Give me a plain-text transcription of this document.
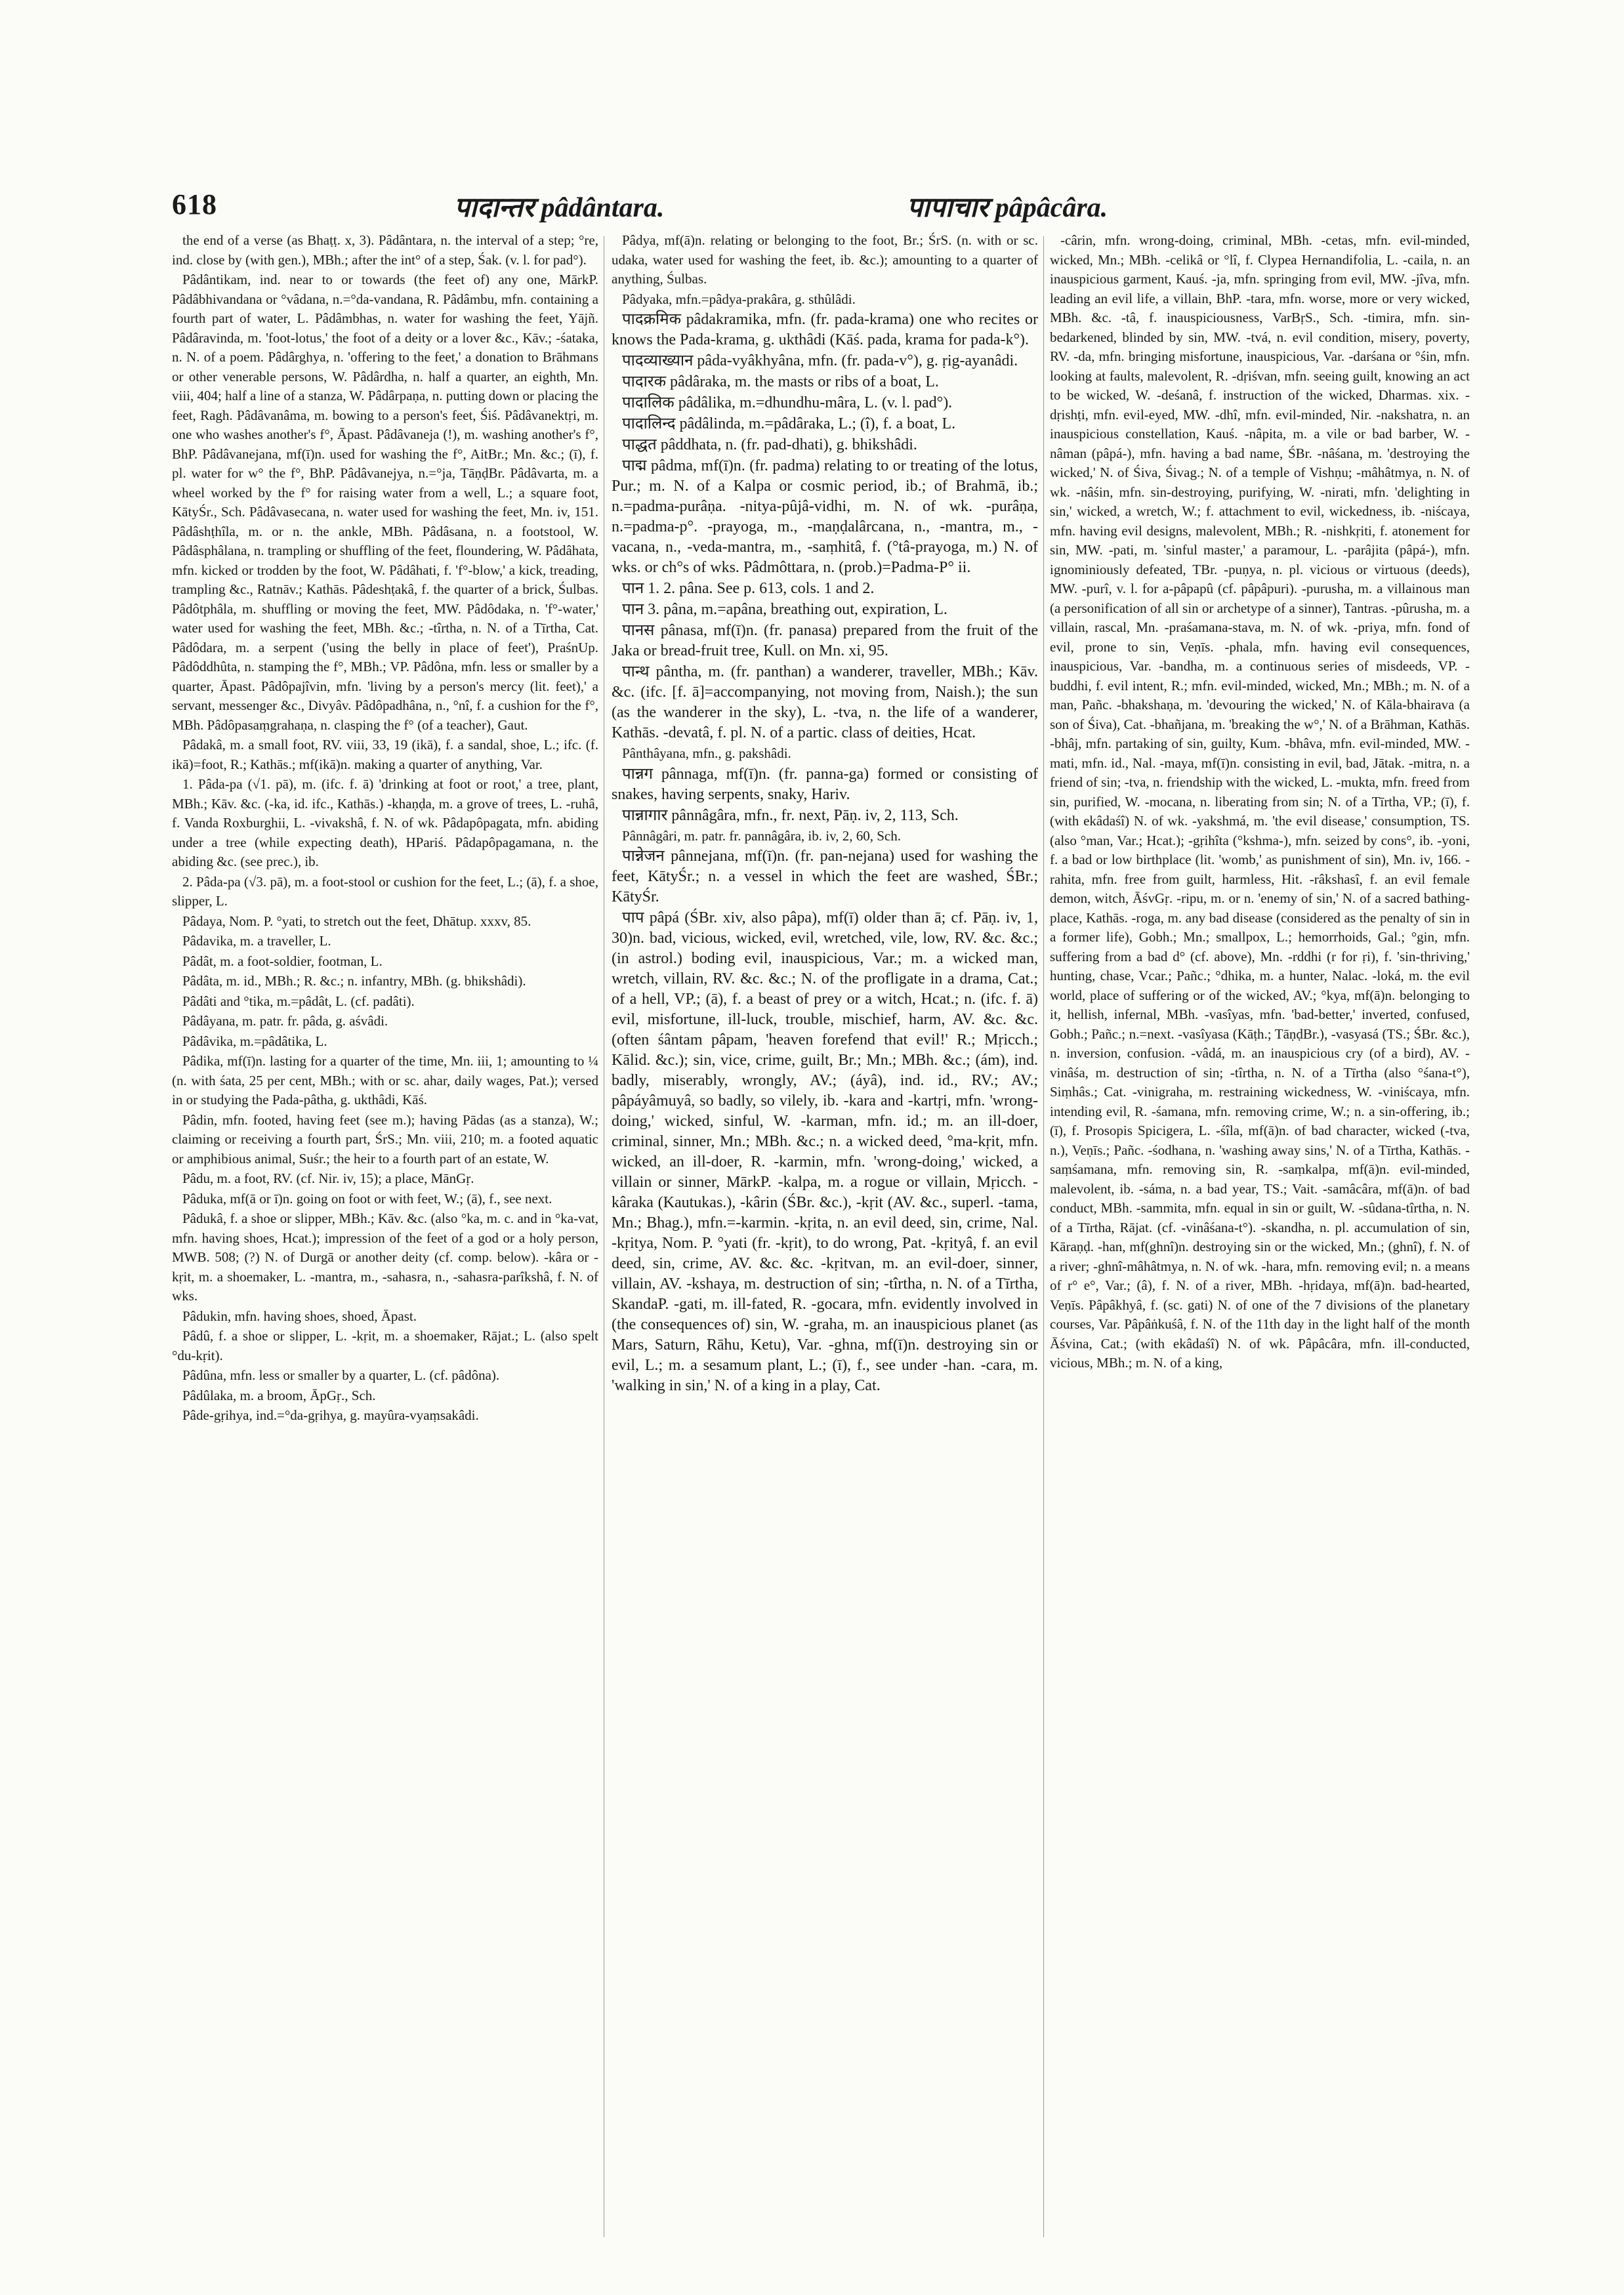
618	पादान्तर pâdântara.	पापाचार pâpâcâra.

the end of a verse (as Bhaṭṭ. x, 3). Pâdântara, n. the interval of a step; °re, ind. close by (with gen.), MBh.; after the int° of a step, Śak. (v. l. for pad°).

Pâdântikam, ind. near to or towards (the feet of) any one, MārkP. Pâdâbhivandana or °vâdana, n.=°da-vandana, R. Pâdâmbu, mfn. containing a fourth part of water, L. Pâdâmbhas, n. water for washing the feet, Yājñ. Pâdâravinda, m. 'foot-lotus,' the foot of a deity or a lover &c., Kāv.; -śataka, n. N. of a poem. Pâdârghya, n. 'offering to the feet,' a donation to Brāhmans or other venerable persons, W. Pâdârdha, n. half a quarter, an eighth, Mn. viii, 404; half a line of a stanza, W. Pâdârpaṇa, n. putting down or placing the feet, Ragh. Pâdâvanâma, m. bowing to a person's feet, Śiś. Pâdâvanektṛi, m. one who washes another's f°, Āpast. Pâdâvaneja (!), m. washing another's f°, BhP. Pâdâvanejana, mf(ī)n. used for washing the f°, AitBr.; Mn. &c.; (ī), f. pl. water for w° the f°, BhP. Pâdâvanejya, n.=°ja, TāṇḍBr. Pâdâvarta, m. a wheel worked by the f° for raising water from a well, L.; a square foot, KātyŚr., Sch. Pâdâvasecana, n. water used for washing the feet, Mn. iv, 151. Pâdâshṭhîla, m. or n. the ankle, MBh. Pâdâsana, n. a footstool, W. Pâdâsphâlana, n. trampling or shuffling of the feet, floundering, W. Pâdâhata, mfn. kicked or trodden by the foot, W. Pâdâhati, f. 'f°-blow,' a kick, treading, trampling &c., Ratnāv.; Kathās. Pâdeshṭakâ, f. the quarter of a brick, Śulbas. Pâdôtphâla, m. shuffling or moving the feet, MW. Pâdôdaka, n. 'f°-water,' water used for washing the feet, MBh. &c.; -tîrtha, n. N. of a Tīrtha, Cat. Pâdôdara, m. a serpent ('using the belly in place of feet'), PraśnUp. Pâdôddhûta, n. stamping the f°, MBh.; VP. Pâdôna, mfn. less or smaller by a quarter, Āpast. Pâdôpajîvin, mfn. 'living by a person's mercy (lit. feet),' a servant, messenger &c., Divyâv. Pâdôpadhâna, n., °nî, f. a cushion for the f°, MBh. Pâdôpasaṃgrahaṇa, n. clasping the f° (of a teacher), Gaut.

Pâdakâ, m. a small foot, RV. viii, 33, 19 (ikā), f. a sandal, shoe, L.; ifc. (f. ikā)=foot, R.; Kathās.; mf(ikā)n. making a quarter of anything, Var.

1. Pâda-pa (√1. pā), m. (ifc. f. ā) 'drinking at foot or root,' a tree, plant, MBh.; Kāv. &c. (-ka, id. ifc., Kathās.) -khaṇḍa, m. a grove of trees, L. -ruhâ, f. Vanda Roxburghii, L. -vivakshâ, f. N. of wk. Pâdapôpagata, mfn. abiding under a tree (while expecting death), HPariś. Pâdapôpagamana, n. the abiding &c. (see prec.), ib.

2. Pâda-pa (√3. pā), m. a foot-stool or cushion for the feet, L.; (ā), f. a shoe, slipper, L.

Pâdaya, Nom. P. °yati, to stretch out the feet, Dhātup. xxxv, 85.

Pâdavika, m. a traveller, L.

Pâdât, m. a foot-soldier, footman, L.

Pâdâta, m. id., MBh.; R. &c.; n. infantry, MBh. (g. bhikshâdi).

Pâdâti and °tika, m.=pâdât, L. (cf. padâti).

Pâdâyana, m. patr. fr. pâda, g. aśvâdi.

Pâdâvika, m.=pâdâtika, L.

Pâdika, mf(ī)n. lasting for a quarter of the time, Mn. iii, 1; amounting to ¼ (n. with śata, 25 per cent, MBh.; with or sc. ahar, daily wages, Pat.); versed in or studying the Pada-pâtha, g. ukthâdi, Kāś.

Pâdin, mfn. footed, having feet (see m.); having Pādas (as a stanza), W.; claiming or receiving a fourth part, ŚrS.; Mn. viii, 210; m. a footed aquatic or amphibious animal, Suśr.; the heir to a fourth part of an estate, W.

Pâdu, m. a foot, RV. (cf. Nir. iv, 15); a place, MānGṛ.

Pâduka, mf(ā or ī)n. going on foot or with feet, W.; (ā), f., see next.

Pâdukâ, f. a shoe or slipper, MBh.; Kāv. &c. (also °ka, m. c. and in °ka-vat, mfn. having shoes, Hcat.); impression of the feet of a god or a holy person, MWB. 508; (?) N. of Durgā or another deity (cf. comp. below). -kâra or -kṛit, m. a shoemaker, L. -mantra, m., -sahasra, n., -sahasra-parîkshâ, f. N. of wks.

Pâdukin, mfn. having shoes, shoed, Āpast.

Pâdû, f. a shoe or slipper, L. -kṛit, m. a shoemaker, Rājat.; L. (also spelt °du-kṛit).

Pâdûna, mfn. less or smaller by a quarter, L. (cf. pâdôna).

Pâdûlaka, m. a broom, ĀpGṛ., Sch.

Pâde-gṛihya, ind.=°da-gṛihya, g. mayûra-vyaṃsakâdi.

Pâdya, mf(ā)n. relating or belonging to the foot, Br.; ŚrS. (n. with or sc. udaka, water used for washing the feet, ib. &c.); amounting to a quarter of anything, Śulbas.

Pâdyaka, mfn.=pâdya-prakâra, g. sthûlâdi.

पादक्रमिक pâdakramika, mfn. (fr. pada-krama) one who recites or knows the Pada-krama, g. ukthâdi (Kāś. pada, krama for pada-k°).

पादव्याख्यान pâda-vyâkhyâna, mfn. (fr. pada-v°), g. ṛig-ayanâdi.

पादारक pâdâraka, m. the masts or ribs of a boat, L.

पादालिक pâdâlika, m.=dhundhu-mâra, L. (v. l. pad°).

पादालिन्द pâdâlinda, m.=pâdâraka, L.; (î), f. a boat, L.

पाद्धत pâddhata, n. (fr. pad-dhati), g. bhikshâdi.

पाद्म pâdma, mf(ī)n. (fr. padma) relating to or treating of the lotus, Pur.; m. N. of a Kalpa or cosmic period, ib.; of Brahmā, ib.; n.=padma-purâṇa. -nitya-pûjâ-vidhi, m. N. of wk. -purâṇa, n.=padma-p°. -prayoga, m., -maṇḍalârcana, n., -mantra, m., -vacana, n., -veda-mantra, m., -saṃhitâ, f. (°tâ-prayoga, m.) N. of wks. or ch°s of wks. Pâdmôttara, n. (prob.)=Padma-P° ii.

पान 1. 2. pâna. See p. 613, cols. 1 and 2.

पान 3. pâna, m.=apâna, breathing out, expiration, L.

पानस pânasa, mf(ī)n. (fr. panasa) prepared from the fruit of the Jaka or bread-fruit tree, Kull. on Mn. xi, 95.

पान्थ pântha, m. (fr. panthan) a wanderer, traveller, MBh.; Kāv. &c. (ifc. [f. ā]=accompanying, not moving from, Naish.); the sun (as the wanderer in the sky), L. -tva, n. the life of a wanderer, Kathās. -devatâ, f. pl. N. of a partic. class of deities, Hcat.

Pânthâyana, mfn., g. pakshâdi.

पान्नग pânnaga, mf(ī)n. (fr. panna-ga) formed or consisting of snakes, having serpents, snaky, Hariv.

पान्नागार pânnâgâra, mfn., fr. next, Pāṇ. iv, 2, 113, Sch.

Pânnâgâri, m. patr. fr. pannâgâra, ib. iv, 2, 60, Sch.

पान्नेजन pânnejana, mf(ī)n. (fr. pan-nejana) used for washing the feet, KātyŚr.; n. a vessel in which the feet are washed, ŚBr.; KātyŚr.

पाप pâpá (ŚBr. xiv, also pâpa), mf(ī) older than ā; cf. Pāṇ. iv, 1, 30)n. bad, vicious, wicked, evil, wretched, vile, low, RV. &c. &c.; (in astrol.) boding evil, inauspicious, Var.; m. a wicked man, wretch, villain, RV. &c. &c.; N. of the profligate in a drama, Cat.; of a hell, VP.; (ā), f. a beast of prey or a witch, Hcat.; n. (ifc. f. ā) evil, misfortune, ill-luck, trouble, mischief, harm, AV. &c. &c. (often śântam pâpam, 'heaven forefend that evil!' R.; Mṛicch.; Kālid. &c.); sin, vice, crime, guilt, Br.; Mn.; MBh. &c.; (ám), ind. badly, miserably, wrongly, AV.; (áyâ), ind. id., RV.; AV.; pâpáyâmuyâ, so badly, so vilely, ib. -kara and -kartṛi, mfn. 'wrong-doing,' wicked, sinful, W. -karman, mfn. id.; m. an ill-doer, criminal, sinner, Mn.; MBh. &c.; n. a wicked deed, °ma-kṛit, mfn. wicked, an ill-doer, R. -karmin, mfn. 'wrong-doing,' wicked, a villain or sinner, MārkP. -kalpa, m. a rogue or villain, Mṛicch. -kâraka (Kautukas.), -kârin (ŚBr. &c.), -kṛit (AV. &c., superl. -tama, Mn.; Bhag.), mfn.=-karmin. -kṛita, n. an evil deed, sin, crime, Nal. -kṛitya, Nom. P. °yati (fr. -kṛit), to do wrong, Pat. -kṛityâ, f. an evil deed, sin, crime, AV. &c. &c. -kṛitvan, m. an evil-doer, sinner, villain, AV. -kshaya, m. destruction of sin; -tîrtha, n. N. of a Tīrtha, SkandaP. -gati, m. ill-fated, R. -gocara, mfn. evidently involved in (the consequences of) sin, W. -graha, m. an inauspicious planet (as Mars, Saturn, Rāhu, Ketu), Var. -ghna, mf(ī)n. destroying sin or evil, L.; m. a sesamum plant, L.; (ī), f., see under -han. -cara, m. 'walking in sin,' N. of a king in a play, Cat.

-cârin, mfn. wrong-doing, criminal, MBh. -cetas, mfn. evil-minded, wicked, Mn.; MBh. -celikâ or °lî, f. Clypea Hernandifolia, L. -caila, n. an inauspicious garment, Kauś. -ja, mfn. springing from evil, MW. -jîva, mfn. leading an evil life, a villain, BhP. -tara, mfn. worse, more or very wicked, MBh. &c. -tâ, f. inauspiciousness, VarBṛS., Sch. -timira, mfn. sin-bedarkened, blinded by sin, MW. -tvá, n. evil condition, misery, poverty, RV. -da, mfn. bringing misfortune, inauspicious, Var. -darśana or °śin, mfn. looking at faults, malevolent, R. -dṛiśvan, mfn. seeing guilt, knowing an act to be wicked, W. -deśanâ, f. instruction of the wicked, Dharmas. xix. -dṛishṭi, mfn. evil-eyed, MW. -dhî, mfn. evil-minded, Nir. -nakshatra, n. an inauspicious constellation, Kauś. -nâpita, m. a vile or bad barber, W. -nâman (pâpá-), mfn. having a bad name, ŚBr. -nâśana, m. 'destroying the wicked,' N. of Śiva, Śivag.; N. of a temple of Vishṇu; -mâhâtmya, n. N. of wk. -nâśin, mfn. sin-destroying, purifying, W. -nirati, mfn. 'delighting in sin,' wicked, a wretch, W.; f. attachment to evil, wickedness, ib. -niścaya, mfn. having evil designs, malevolent, MBh.; R. -nishkṛiti, f. atonement for sin, MW. -pati, m. 'sinful master,' a paramour, L. -parâjita (pâpá-), mfn. ignominiously defeated, TBr. -puṇya, n. pl. vicious or virtuous (deeds), MW. -purî, v. l. for a-pâpapû (cf. pâpâpuri). -purusha, m. a villainous man (a personification of all sin or archetype of a sinner), Tantras. -pûrusha, m. a villain, rascal, Mn. -praśamana-stava, m. N. of wk. -priya, mfn. fond of evil, prone to sin, Veṇīs. -phala, mfn. having evil consequences, inauspicious, Var. -bandha, m. a continuous series of misdeeds, VP. -buddhi, f. evil intent, R.; mfn. evil-minded, wicked, Mn.; MBh.; m. N. of a man, Pañc. -bhakshaṇa, m. 'devouring the wicked,' N. of Kāla-bhairava (a son of Śiva), Cat. -bhañjana, m. 'breaking the w°,' N. of a Brāhman, Kathās. -bhâj, mfn. partaking of sin, guilty, Kum. -bhâva, mfn. evil-minded, MW. -mati, mfn. id., Nal. -maya, mf(ī)n. consisting in evil, bad, Jātak. -mitra, n. a friend of sin; -tva, n. friendship with the wicked, L. -mukta, mfn. freed from sin, purified, W. -mocana, n. liberating from sin; N. of a Tīrtha, VP.; (ī), f. (with ekâdaśî) N. of wk. -yakshmá, m. 'the evil disease,' consumption, TS. (also °man, Var.; Hcat.); -gṛihîta (°kshma-), mfn. seized by cons°, ib. -yoni, f. a bad or low birthplace (lit. 'womb,' as punishment of sin), Mn. iv, 166. -rahita, mfn. free from guilt, harmless, Hit. -râkshasî, f. an evil female demon, witch, ĀśvGṛ. -ripu, m. or n. 'enemy of sin,' N. of a sacred bathing-place, Kathās. -roga, m. any bad disease (considered as the penalty of sin in a former life), Gobh.; Mn.; smallpox, L.; hemorrhoids, Gal.; °gin, mfn. suffering from a bad d° (cf. above), Mn. -rddhi (r for ṛi), f. 'sin-thriving,' hunting, chase, Vcar.; Pañc.; °dhika, m. a hunter, Nalac. -loká, m. the evil world, place of suffering or of the wicked, AV.; °kya, mf(ā)n. belonging to it, hellish, infernal, MBh. -vasîyas, mfn. 'bad-better,' inverted, confused, Gobh.; Pañc.; n.=next. -vasîyasa (Kāṭh.; TāṇḍBr.), -vasyasá (TS.; ŚBr. &c.), n. inversion, confusion. -vâdá, m. an inauspicious cry (of a bird), AV. -vinâśa, m. destruction of sin; -tîrtha, n. N. of a Tīrtha (also °śana-t°), Siṃhâs.; Cat. -vinigraha, m. restraining wickedness, W. -viniścaya, mfn. intending evil, R. -śamana, mfn. removing crime, W.; n. a sin-offering, ib.; (ī), f. Prosopis Spicigera, L. -śîla, mf(ā)n. of bad character, wicked (-tva, n.), Veṇīs.; Pañc. -śodhana, n. 'washing away sins,' N. of a Tīrtha, Kathās. -saṃśamana, mfn. removing sin, R. -saṃkalpa, mf(ā)n. evil-minded, malevolent, ib. -sáma, n. a bad year, TS.; Vait. -samâcâra, mf(ā)n. of bad conduct, MBh. -sammita, mfn. equal in sin or guilt, W. -sûdana-tîrtha, n. N. of a Tīrtha, Rājat. (cf. -vinâśana-t°). -skandha, n. pl. accumulation of sin, Kāraṇḍ. -han, mf(ghnî)n. destroying sin or the wicked, Mn.; (ghnî), f. N. of a river; -ghnî-mâhâtmya, n. N. of wk. -hara, mfn. removing evil; n. a means of r° e°, Var.; (â), f. N. of a river, MBh. -hṛidaya, mf(ā)n. bad-hearted, Veṇīs. Pâpâkhyâ, f. (sc. gati) N. of one of the 7 divisions of the planetary courses, Var. Pâpâṅkuśâ, f. N. of the 11th day in the light half of the month Āśvina, Cat.; (with ekâdaśî) N. of wk. Pâpâcâra, mfn. ill-conducted, vicious, MBh.; m. N. of a king,
